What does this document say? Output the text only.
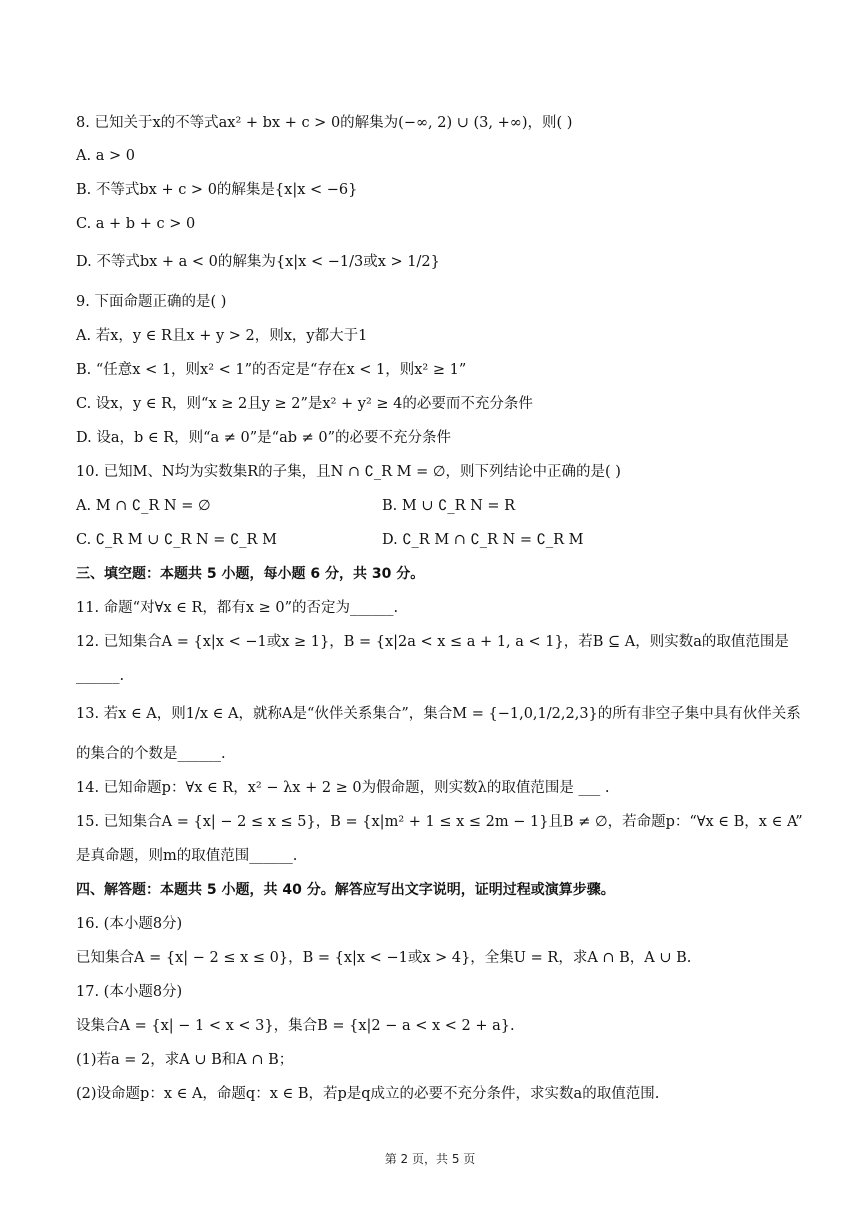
8. 已知关于x的不等式ax² + bx + c > 0的解集为(−∞, 2) ∪ (3, +∞)，则( )
A. a > 0
B. 不等式bx + c > 0的解集是{x|x < −6}
C. a + b + c > 0
D. 不等式bx + a < 0的解集为{x|x < −1/3或x > 1/2}
9. 下面命题正确的是( )
A. 若x，y ∈ R且x + y > 2，则x，y都大于1
B. “任意x < 1，则x² < 1”的否定是“存在x < 1，则x² ≥ 1”
C. 设x，y ∈ R，则“x ≥ 2且y ≥ 2”是x² + y² ≥ 4的必要而不充分条件
D. 设a，b ∈ R，则“a ≠ 0”是“ab ≠ 0”的必要不充分条件
10. 已知M、N均为实数集R的子集，且N ∩ ∁_R M = ∅，则下列结论中正确的是( )
A. M ∩ ∁_R N = ∅	B. M ∪ ∁_R N = R
C. ∁_R M ∪ ∁_R N = ∁_R M	D. ∁_R M ∩ ∁_R N = ∁_R M
三、填空题：本题共 5 小题，每小题 6 分，共 30 分。
11. 命题“对∀x ∈ R，都有x ≥ 0”的否定为______.
12. 已知集合A = {x|x < −1或x ≥ 1}，B = {x|2a < x ≤ a + 1, a < 1}，若B ⊆ A，则实数a的取值范围是
______.
13. 若x ∈ A，则1/x ∈ A，就称A是“伙伴关系集合”，集合M = {−1,0,1/2,2,3}的所有非空子集中具有伙伴关系
的集合的个数是______.
14. 已知命题p：∀x ∈ R，x² − λx + 2 ≥ 0为假命题，则实数λ的取值范围是 ___ .
15. 已知集合A = {x| − 2 ≤ x ≤ 5}，B = {x|m² + 1 ≤ x ≤ 2m − 1}且B ≠ ∅，若命题p：“∀x ∈ B，x ∈ A”
是真命题，则m的取值范围______.
四、解答题：本题共 5 小题，共 40 分。解答应写出文字说明，证明过程或演算步骤。
16. (本小题8分)
已知集合A = {x| − 2 ≤ x ≤ 0}，B = {x|x < −1或x > 4}，全集U = R，求A ∩ B，A ∪ B.
17. (本小题8分)
设集合A = {x| − 1 < x < 3}，集合B = {x|2 − a < x < 2 + a}.
(1)若a = 2，求A ∪ B和A ∩ B；
(2)设命题p：x ∈ A，命题q：x ∈ B，若p是q成立的必要不充分条件，求实数a的取值范围.
第 2 页，共 5 页
